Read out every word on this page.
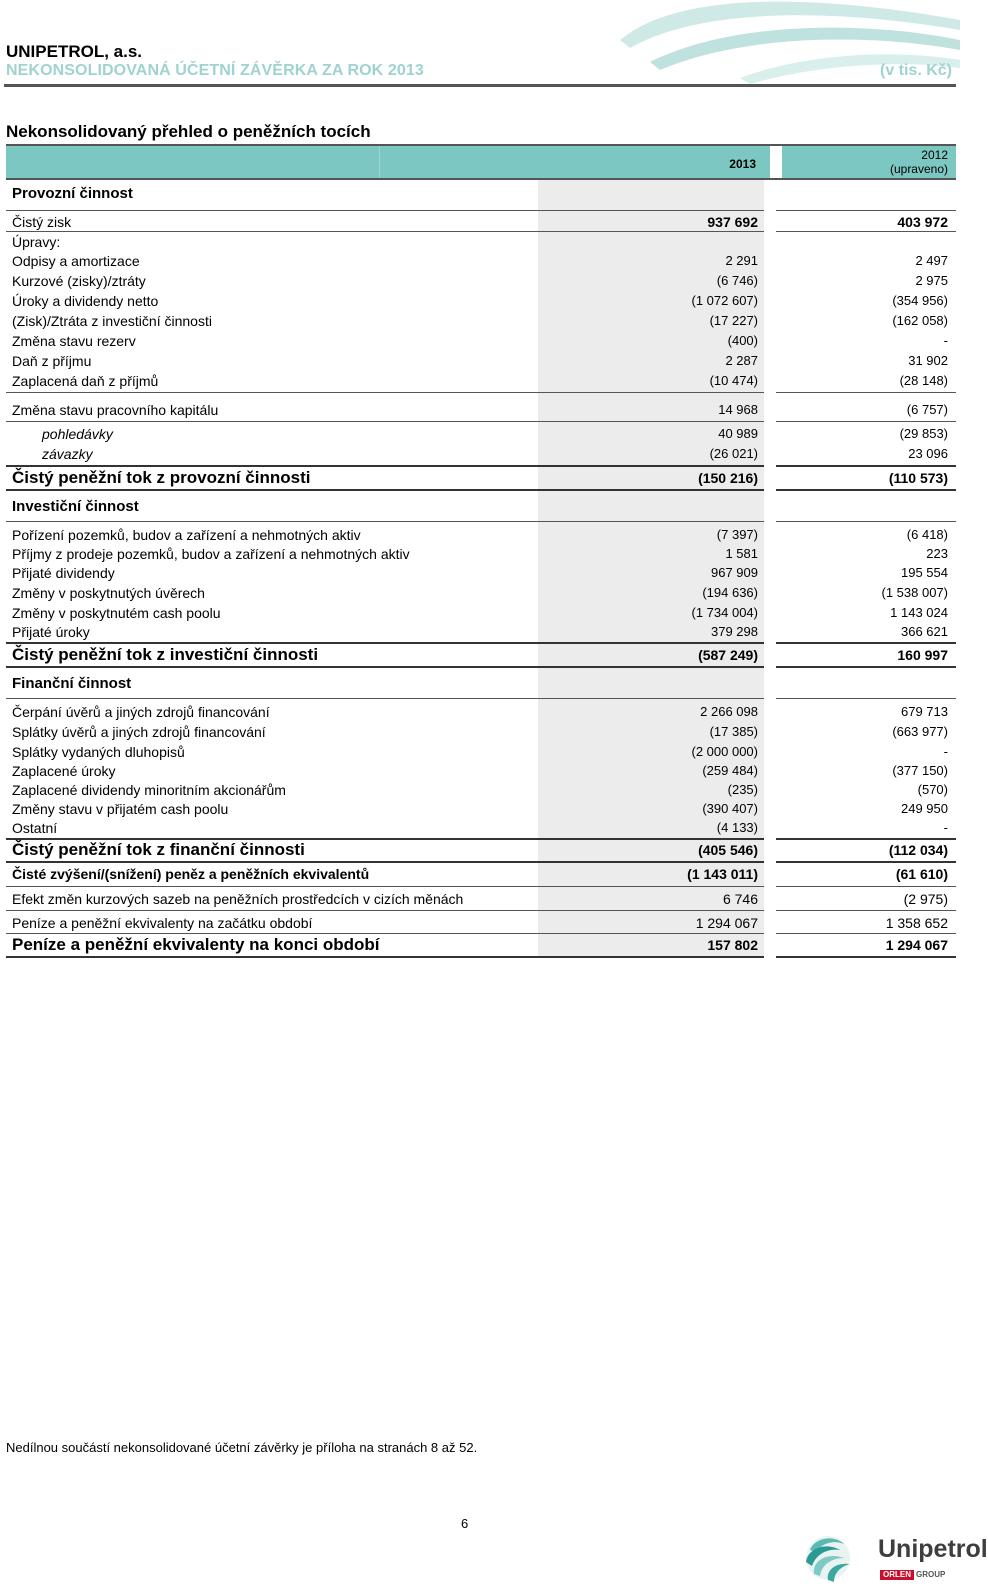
UNIPETROL, a.s.
NEKONSOLIDOVANÁ ÚČETNÍ ZÁVĚRKA ZA ROK 2013	(v tis. Kč)
Nekonsolidovaný přehled o peněžních tocích
2013
2012
(upraveno)
Provozní činnost
Čistý zisk	937 692	403 972
Úpravy:
Odpisy a amortizace	2 291	2 497
Kurzové (zisky)/ztráty	(6 746)	2 975
Úroky a dividendy netto	(1 072 607)	(354 956)
(Zisk)/Ztráta z investiční činnosti	(17 227)	(162 058)
Změna stavu rezerv	(400)	-
Daň z příjmu	2 287	31 902
Zaplacená daň z příjmů	(10 474)	(28 148)
Změna stavu pracovního kapitálu	14 968	(6 757)
pohledávky	40 989	(29 853)
závazky	(26 021)	23 096
Čistý peněžní tok z provozní činnosti	(150 216)	(110 573)
Investiční činnost
Pořízení pozemků, budov a zařízení a nehmotných aktiv	(7 397)	(6 418)
Příjmy z prodeje pozemků, budov a zařízení a nehmotných aktiv	1 581	223
Přijaté dividendy	967 909	195 554
Změny v poskytnutých úvěrech	(194 636)	(1 538 007)
Změny v poskytnutém cash poolu	(1 734 004)	1 143 024
Přijaté úroky	379 298	366 621
Čistý peněžní tok z investiční činnosti	(587 249)	160 997
Finanční činnost
Čerpání úvěrů a jiných zdrojů financování	2 266 098	679 713
Splátky úvěrů a jiných zdrojů financování	(17 385)	(663 977)
Splátky vydaných dluhopisů	(2 000 000)	-
Zaplacené úroky	(259 484)	(377 150)
Zaplacené dividendy minoritním akcionářům	(235)	(570)
Změny stavu v přijatém cash poolu	(390 407)	249 950
Ostatní	(4 133)	-
Čistý peněžní tok z finanční činnosti	(405 546)	(112 034)
Čisté zvýšení/(snížení) peněz a peněžních ekvivalentů	(1 143 011)	(61 610)
Efekt změn kurzových sazeb na peněžních prostředcích v cizích měnách	6 746	(2 975)
Peníze a peněžní ekvivalenty na začátku období	1 294 067	1 358 652
Peníze a peněžní ekvivalenty na konci období	157 802	1 294 067
Nedílnou součástí nekonsolidované účetní závěrky je příloha na stranách 8 až 52.
6
Unipetrol
ORLEN GROUP
